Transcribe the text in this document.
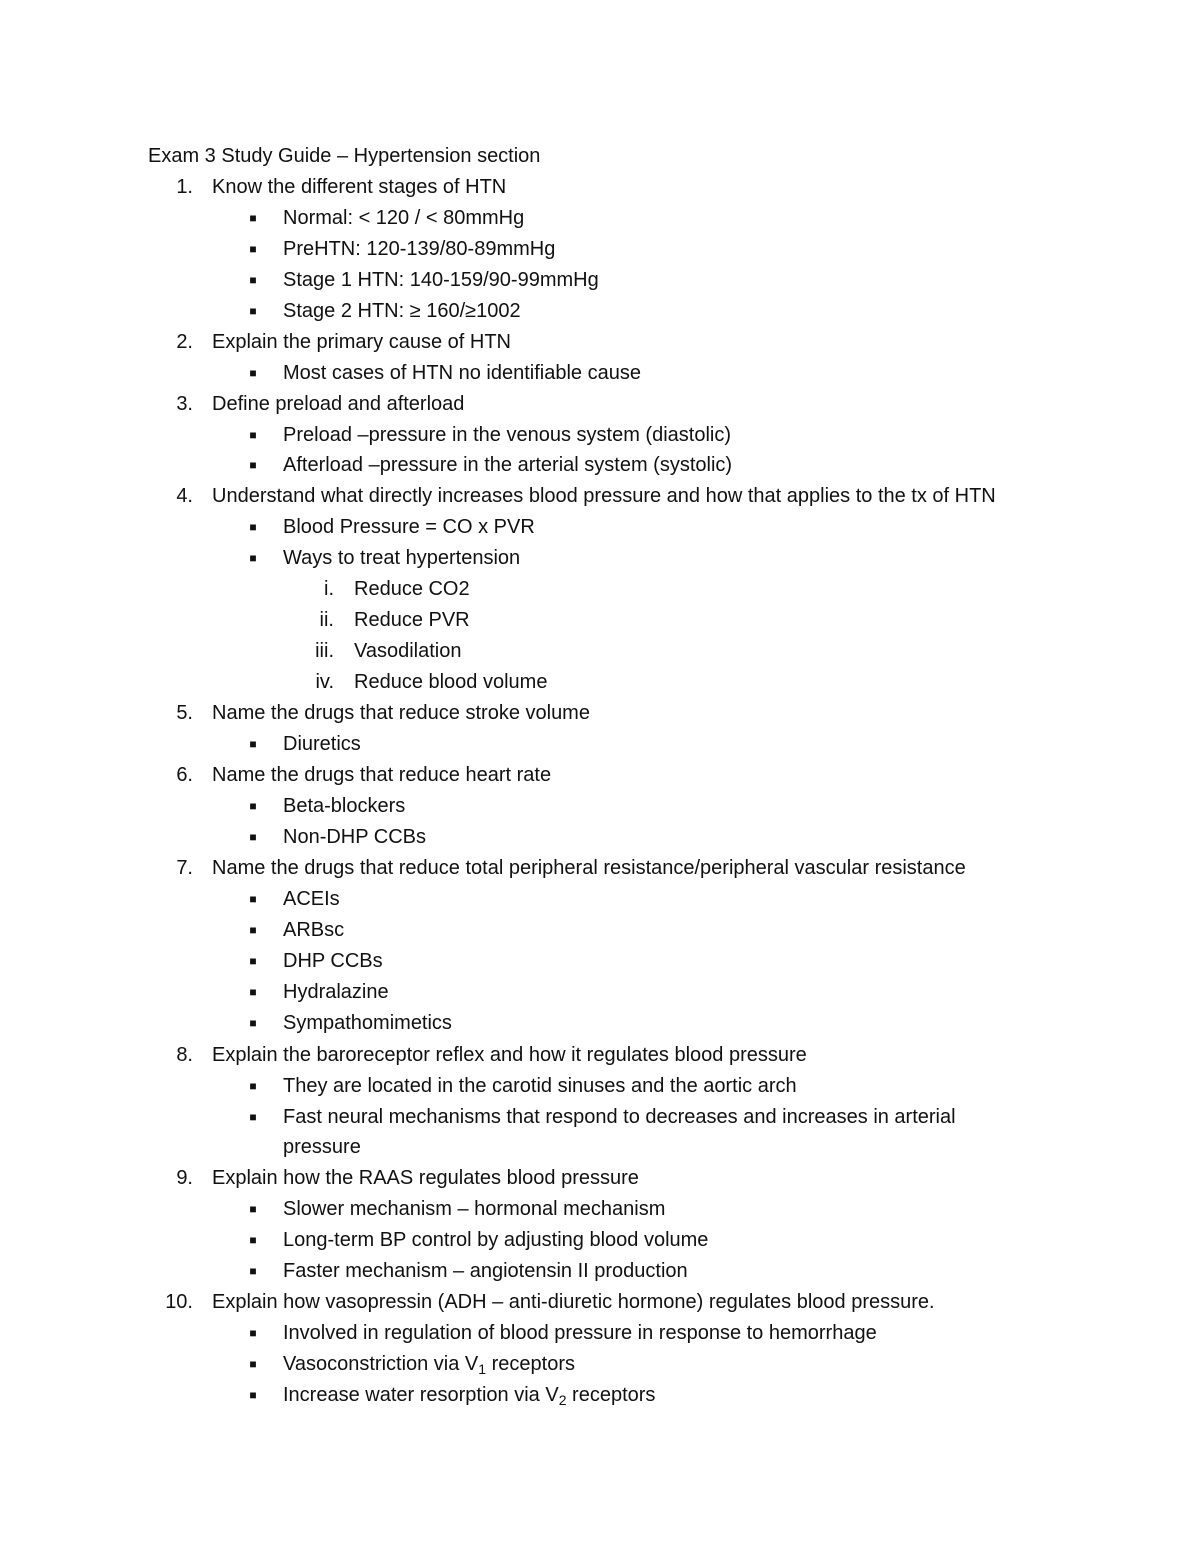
Exam 3 Study Guide – Hypertension section
1. Know the different stages of HTN
■ Normal: < 120 / < 80mmHg
■ PreHTN: 120-139/80-89mmHg
■ Stage 1 HTN: 140-159/90-99mmHg
■ Stage 2 HTN: ≥ 160/≥1002
2. Explain the primary cause of HTN
■ Most cases of HTN no identifiable cause
3. Define preload and afterload
■ Preload –pressure in the venous system (diastolic)
■ Afterload –pressure in the arterial system (systolic)
4. Understand what directly increases blood pressure and how that applies to the tx of HTN
■ Blood Pressure = CO x PVR
■ Ways to treat hypertension
i. Reduce CO2
ii. Reduce PVR
iii. Vasodilation
iv. Reduce blood volume
5. Name the drugs that reduce stroke volume
■ Diuretics
6. Name the drugs that reduce heart rate
■ Beta-blockers
■ Non-DHP CCBs
7. Name the drugs that reduce total peripheral resistance/peripheral vascular resistance
■ ACEIs
■ ARBsc
■ DHP CCBs
■ Hydralazine
■ Sympathomimetics
8. Explain the baroreceptor reflex and how it regulates blood pressure
■ They are located in the carotid sinuses and the aortic arch
■ Fast neural mechanisms that respond to decreases and increases in arterial
pressure
9. Explain how the RAAS regulates blood pressure
■ Slower mechanism – hormonal mechanism
■ Long-term BP control by adjusting blood volume
■ Faster mechanism – angiotensin II production
10. Explain how vasopressin (ADH – anti-diuretic hormone) regulates blood pressure.
■ Involved in regulation of blood pressure in response to hemorrhage
■ Vasoconstriction via $V_1$ receptors
■ Increase water resorption via $V_2$ receptors
